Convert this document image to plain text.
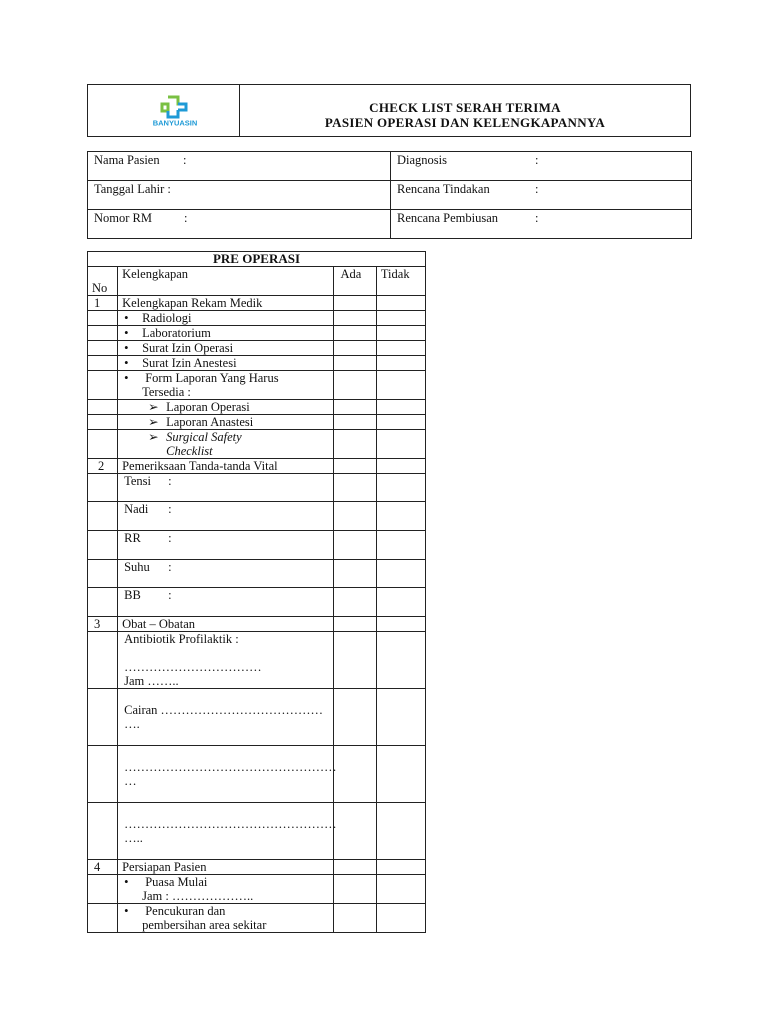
BANYUASIN
CHECK LIST SERAH TERIMA
PASIEN OPERASI DAN KELENGKAPANNYA
Nama Pasien :	Diagnosis :

Tanggal Lahir :	Rencana Tindakan :

Nomor RM :	Rencana Pembiusan :
PRE OPERASI			
No	Kelengkapan	Ada	Tidak
1	Kelengkapan Rekam Medik		
	• Radiologi		
	• Laboratorium		
	• Surat Izin Operasi		
	• Surat Izin Anestesi		
	• Form Laporan Yang Harus
Tersedia :		
	➢ Laporan Operasi		
	➢ Laporan Anastesi		
	➢ Surgical Safety
Checklist		
2	Pemeriksaan Tanda-tanda Vital		
	Tensi :		

	Nadi :		

	RR :		

	Suhu :		

	BB :		

3	Obat – Obatan		

	Antibiotik Profilaktik :
……………………………
Jam ……..		

	Cairan …………………………………
….		

	……………………………………………
…		

	……………………………………………
…..		

4	Persiapan Pasien		
	• Puasa Mulai
Jam : ………………..		
	• Pencukuran dan
pembersihan area sekitar		
